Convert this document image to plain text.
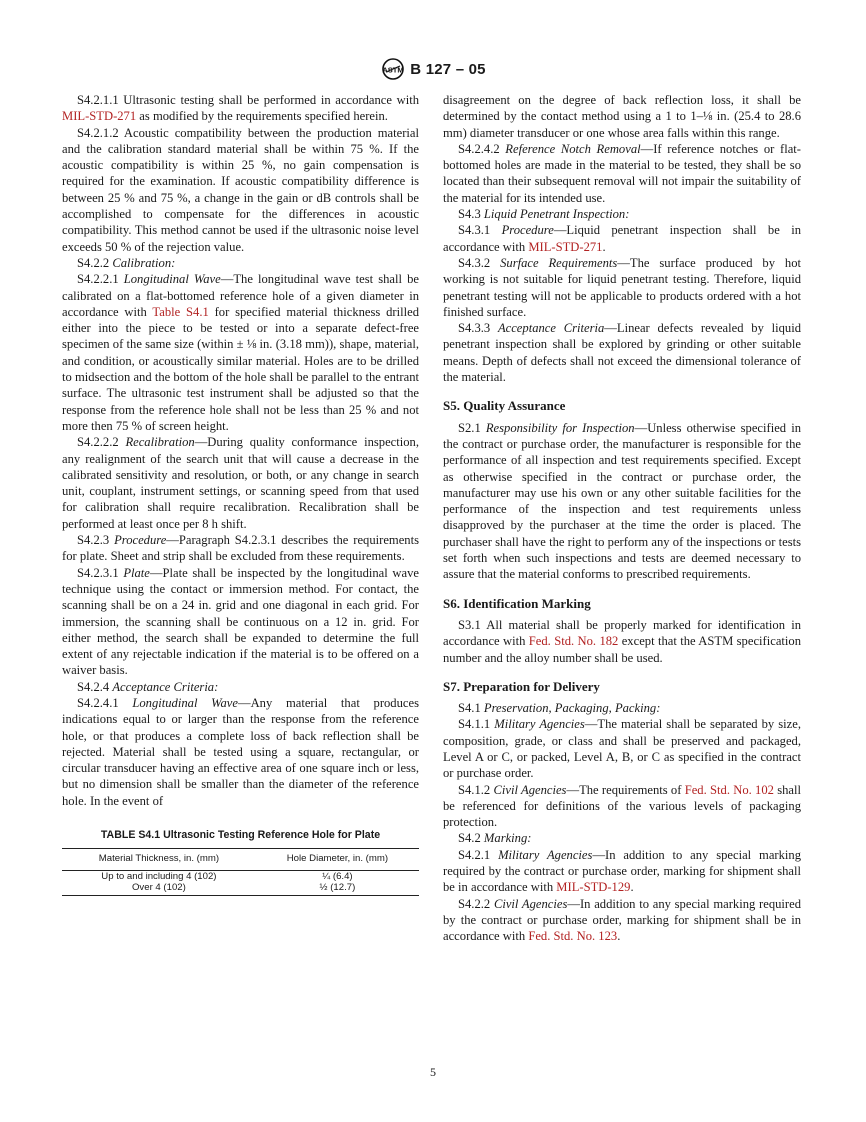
ASTM B 127 – 05

S4.2.1.1 Ultrasonic testing shall be performed in accordance with MIL-STD-271 as modified by the requirements specified herein.

S4.2.1.2 Acoustic compatibility between the production material and the calibration standard material shall be within 75 %. If the acoustic compatibility is within 25 %, no gain compensation is required for the examination. If acoustic compatibility difference is between 25 % and 75 %, a change in the gain or dB controls shall be accomplished to compensate for the differences in acoustic compatibility. This method cannot be used if the ultrasonic noise level exceeds 50 % of the rejection value.

S4.2.2 Calibration:

S4.2.2.1 Longitudinal Wave—The longitudinal wave test shall be calibrated on a flat-bottomed reference hole of a given diameter in accordance with Table S4.1 for specified material thickness drilled either into the piece to be tested or into a separate defect-free specimen of the same size (within ± ⅛ in. (3.18 mm)), shape, material, and condition, or acoustically similar material. Holes are to be drilled to midsection and the bottom of the hole shall be parallel to the entrant surface. The ultrasonic test instrument shall be adjusted so that the response from the reference hole shall not be less than 25 % and not more then 75 % of screen height.

S4.2.2.2 Recalibration—During quality conformance inspection, any realignment of the search unit that will cause a decrease in the calibrated sensitivity and resolution, or both, or any change in search unit, couplant, instrument settings, or scanning speed from that used for calibration shall require recalibration. Recalibration shall be performed at least once per 8 h shift.

S4.2.3 Procedure—Paragraph S4.2.3.1 describes the requirements for plate. Sheet and strip shall be excluded from these requirements.

S4.2.3.1 Plate—Plate shall be inspected by the longitudinal wave technique using the contact or immersion method. For contact, the scanning shall be on a 24 in. grid and one diagonal in each grid. For immersion, the scanning shall be continuous on a 12 in. grid. For either method, the search shall be expanded to determine the full extent of any rejectable indication if the material is to be offered on a waiver basis.

S4.2.4 Acceptance Criteria:

S4.2.4.1 Longitudinal Wave—Any material that produces indications equal to or larger than the response from the reference hole, or that produces a complete loss of back reflection shall be rejected. Material shall be tested using a square, rectangular, or circular transducer having an effective area of one square inch or less, but no dimension shall be smaller than the diameter of the reference hole. In the event of

TABLE S4.1 Ultrasonic Testing Reference Hole for Plate
Material Thickness, in. (mm)	Hole Diameter, in. (mm)
Up to and including 4 (102)	¼ (6.4)
Over 4 (102)	½ (12.7)

disagreement on the degree of back reflection loss, it shall be determined by the contact method using a 1 to 1–⅛ in. (25.4 to 28.6 mm) diameter transducer or one whose area falls within this range.

S4.2.4.2 Reference Notch Removal—If reference notches or flat-bottomed holes are made in the material to be tested, they shall be so located than their subsequent removal will not impair the suitability of the material for its intended use.

S4.3 Liquid Penetrant Inspection:

S4.3.1 Procedure—Liquid penetrant inspection shall be in accordance with MIL-STD-271.

S4.3.2 Surface Requirements—The surface produced by hot working is not suitable for liquid penetrant testing. Therefore, liquid penetrant testing will not be applicable to products ordered with a hot finished surface.

S4.3.3 Acceptance Criteria—Linear defects revealed by liquid penetrant inspection shall be explored by grinding or other suitable means. Depth of defects shall not exceed the dimensional tolerance of the material.

S5. Quality Assurance

S2.1 Responsibility for Inspection—Unless otherwise specified in the contract or purchase order, the manufacturer is responsible for the performance of all inspection and test requirements specified. Except as otherwise specified in the contract or purchase order, the manufacturer may use his own or any other suitable facilities for the performance of the inspection and test requirements unless disapproved by the purchaser at the time the order is placed. The purchaser shall have the right to perform any of the inspections or tests set forth when such inspections and tests are deemed necessary to assure that the material conforms to prescribed requirements.

S6. Identification Marking

S3.1 All material shall be properly marked for identification in accordance with Fed. Std. No. 182 except that the ASTM specification number and the alloy number shall be used.

S7. Preparation for Delivery

S4.1 Preservation, Packaging, Packing:

S4.1.1 Military Agencies—The material shall be separated by size, composition, grade, or class and shall be preserved and packaged, Level A or C, or packed, Level A, B, or C as specified in the contract or purchase order.

S4.1.2 Civil Agencies—The requirements of Fed. Std. No. 102 shall be referenced for definitions of the various levels of packaging protection.

S4.2 Marking:

S4.2.1 Military Agencies—In addition to any special marking required by the contract or purchase order, marking for shipment shall be in accordance with MIL-STD-129.

S4.2.2 Civil Agencies—In addition to any special marking required by the contract or purchase order, marking for shipment shall be in accordance with Fed. Std. No. 123.

5
